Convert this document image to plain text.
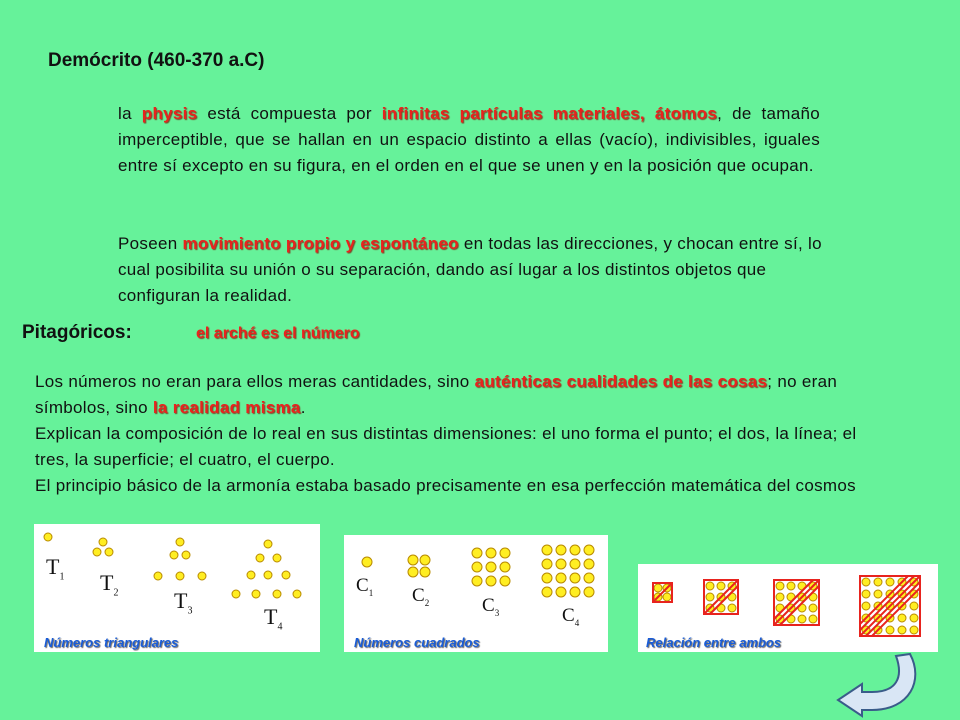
Demócrito (460-370 a.C)
la physis está compuesta por infinitas partículas materiales, átomos, de tamaño imperceptible, que se hallan en un espacio distinto a ellas (vacío), indivisibles, iguales entre sí excepto en su figura, en el orden en el que se unen y en la posición que ocupan.
Poseen movimiento propio y espontáneo en todas las direcciones, y chocan entre sí, lo cual posibilita su unión o su separación, dando así lugar a los distintos objetos que configuran la realidad.
Pitagóricos:	el arché es el número
Los números no eran para ellos meras cantidades, sino auténticas cualidades de las cosas; no eran símbolos, sino la realidad misma.
Explican la composición de lo real en sus distintas dimensiones: el uno forma el punto; el dos, la línea; el tres, la superficie; el cuatro, el cuerpo.
El principio básico de la armonía estaba basado precisamente en esa perfección matemática del cosmos
$T_1$ $T_2$	$T_3$	$T_4$
Números triangulares
$C_1$ $C_2$	$C_3$	$C_4$
Números cuadrados	Relación entre ambos
